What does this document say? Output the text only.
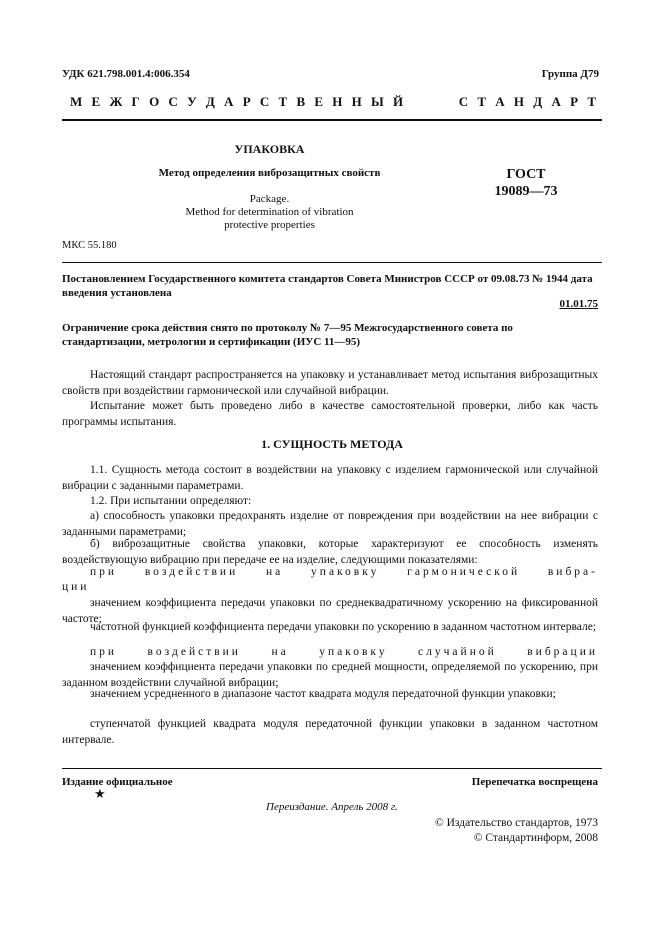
УДК 621.798.001.4:006.354	Группа Д79
М Е Ж Г О С У Д А Р С Т В Е Н Н Ы Й	С Т А Н Д А Р Т
УПАКОВКА
Метод определения виброзащитных свойств
Package.
Method for determination of vibration
protective properties
ГОСТ
19089—73
МКС 55.180
Постановлением Государственного комитета стандартов Совета Министров СССР от 09.08.73 № 1944 дата введения установлена
01.01.75
Ограничение срока действия снято по протоколу № 7—95 Межгосударственного совета по стандартизации, метрологии и сертификации (ИУС 11—95)
Настоящий стандарт распространяется на упаковку и устанавливает метод испытания виброзащитных свойств при воздействии гармонической или случайной вибрации.
Испытание может быть проведено либо в качестве самостоятельной проверки, либо как часть программы испытания.
1. СУЩНОСТЬ МЕТОДА
1.1. Сущность метода состоит в воздействии на упаковку с изделием гармонической или случайной вибрации с заданными параметрами.
1.2. При испытании определяют:
а) способность упаковки предохранять изделие от повреждения при воздействии на нее вибрации с заданными параметрами;
б) виброзащитные свойства упаковки, которые характеризуют ее способность изменять воздействующую вибрацию при передаче ее на изделие, следующими показателями:
при воздействии на упаковку гармонической вибра-
ции
значением коэффициента передачи упаковки по среднеквадратичному ускорению на фиксированной частоте;
частотной функцией коэффициента передачи упаковки по ускорению в заданном частотном интервале;
при воздействии на упаковку случайной вибрации
значением коэффициента передачи упаковки по средней мощности, определяемой по ускорению, при заданном воздействии случайной вибрации;
значением усредненного в диапазоне частот квадрата модуля передаточной функции упаковки;
ступенчатой функцией квадрата модуля передаточной функции упаковки в заданном частотном интервале.
Издание официальное
★
Перепечатка воспрещена
Переиздание. Апрель 2008 г.
© Издательство стандартов, 1973
© Стандартинформ, 2008
